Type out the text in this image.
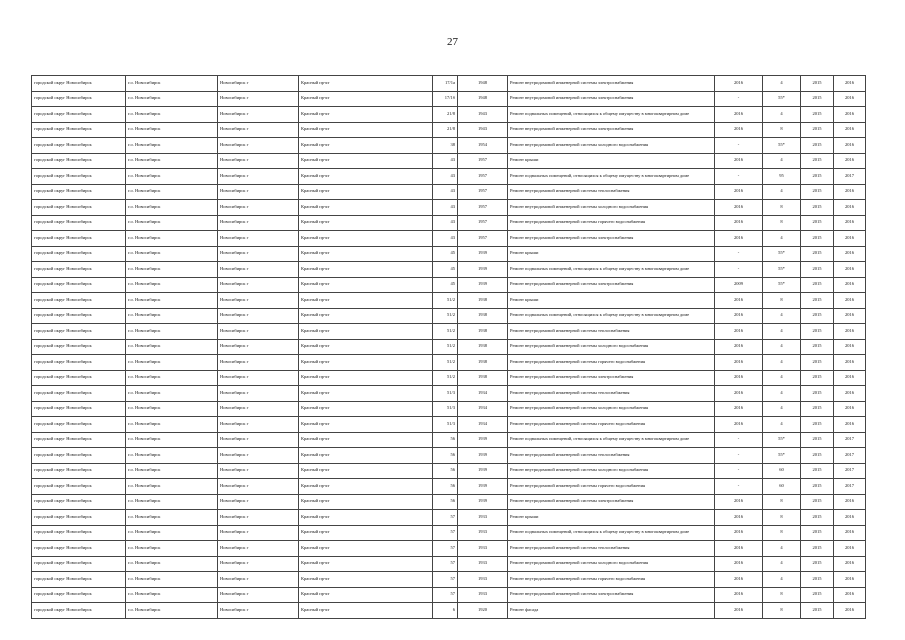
27
городской округ Новосибирск	г.о. Новосибирск	Новосибирск г	Красный пр-кт	17/1а	1948	Ремонт внутридомовой инженерной системы электроснабжения	2016	4	2015	2016
городской округ Новосибирск	г.о. Новосибирск	Новосибирск г	Красный пр-кт	17/1б	1948	Ремонт внутридомовой инженерной системы электроснабжения	-	55*	2015	2016
городской округ Новосибирск	г.о. Новосибирск	Новосибирск г	Красный пр-кт	21/8	1943	Ремонт подвальных помещений, относящихся к общему имуществу в многоквартирном доме	2016	4	2015	2016
городской округ Новосибирск	г.о. Новосибирск	Новосибирск г	Красный пр-кт	21/8	1943	Ремонт внутридомовой инженерной системы электроснабжения	2016	8	2015	2016
городской округ Новосибирск	г.о. Новосибирск	Новосибирск г	Красный пр-кт	38	1954	Ремонт внутридомовой инженерной системы холодного водоснабжения	-	55*	2015	2016
городской округ Новосибирск	г.о. Новосибирск	Новосибирск г	Красный пр-кт	43	1957	Ремонт крыши	2016	4	2015	2016
городской округ Новосибирск	г.о. Новосибирск	Новосибирск г	Красный пр-кт	43	1957	Ремонт подвальных помещений, относящихся к общему имуществу в многоквартирном доме	-	95	2015	2017
городской округ Новосибирск	г.о. Новосибирск	Новосибирск г	Красный пр-кт	43	1957	Ремонт внутридомовой инженерной системы теплоснабжения	2016	4	2015	2016
городской округ Новосибирск	г.о. Новосибирск	Новосибирск г	Красный пр-кт	43	1957	Ремонт внутридомовой инженерной системы холодного водоснабжения	2016	8	2015	2016
городской округ Новосибирск	г.о. Новосибирск	Новосибирск г	Красный пр-кт	43	1957	Ремонт внутридомовой инженерной системы горячего водоснабжения	2016	8	2015	2016
городской округ Новосибирск	г.о. Новосибирск	Новосибирск г	Красный пр-кт	43	1957	Ремонт внутридомовой инженерной системы электроснабжения	2016	4	2015	2016
городской округ Новосибирск	г.о. Новосибирск	Новосибирск г	Красный пр-кт	45	1939	Ремонт крыши	-	55*	2015	2016
городской округ Новосибирск	г.о. Новосибирск	Новосибирск г	Красный пр-кт	45	1939	Ремонт подвальных помещений, относящихся к общему имуществу в многоквартирном доме	-	55*	2015	2016
городской округ Новосибирск	г.о. Новосибирск	Новосибирск г	Красный пр-кт	45	1939	Ремонт внутридомовой инженерной системы электроснабжения	2009	55*	2015	2016
городской округ Новосибирск	г.о. Новосибирск	Новосибирск г	Красный пр-кт	51/2	1938	Ремонт крыши	2016	8	2015	2016
городской округ Новосибирск	г.о. Новосибирск	Новосибирск г	Красный пр-кт	51/2	1938	Ремонт подвальных помещений, относящихся к общему имуществу в многоквартирном доме	2016	4	2015	2016
городской округ Новосибирск	г.о. Новосибирск	Новосибирск г	Красный пр-кт	51/2	1938	Ремонт внутридомовой инженерной системы теплоснабжения	2016	4	2015	2016
городской округ Новосибирск	г.о. Новосибирск	Новосибирск г	Красный пр-кт	51/2	1938	Ремонт внутридомовой инженерной системы холодного водоснабжения	2016	4	2015	2016
городской округ Новосибирск	г.о. Новосибирск	Новосибирск г	Красный пр-кт	51/2	1938	Ремонт внутридомовой инженерной системы горячего водоснабжения	2016	4	2015	2016
городской округ Новосибирск	г.о. Новосибирск	Новосибирск г	Красный пр-кт	51/2	1938	Ремонт внутридомовой инженерной системы электроснабжения	2016	4	2015	2016
городской округ Новосибирск	г.о. Новосибирск	Новосибирск г	Красный пр-кт	51/3	1934	Ремонт внутридомовой инженерной системы теплоснабжения	2016	4	2015	2016
городской округ Новосибирск	г.о. Новосибирск	Новосибирск г	Красный пр-кт	51/3	1934	Ремонт внутридомовой инженерной системы холодного водоснабжения	2016	4	2015	2016
городской округ Новосибирск	г.о. Новосибирск	Новосибирск г	Красный пр-кт	51/3	1934	Ремонт внутридомовой инженерной системы горячего водоснабжения	2016	4	2015	2016
городской округ Новосибирск	г.о. Новосибирск	Новосибирск г	Красный пр-кт	56	1939	Ремонт подвальных помещений, относящихся к общему имуществу в многоквартирном доме	-	55*	2015	2017
городской округ Новосибирск	г.о. Новосибирск	Новосибирск г	Красный пр-кт	56	1939	Ремонт внутридомовой инженерной системы теплоснабжения	-	55*	2015	2017
городской округ Новосибирск	г.о. Новосибирск	Новосибирск г	Красный пр-кт	56	1939	Ремонт внутридомовой инженерной системы холодного водоснабжения	-	60	2015	2017
городской округ Новосибирск	г.о. Новосибирск	Новосибирск г	Красный пр-кт	56	1939	Ремонт внутридомовой инженерной системы горячего водоснабжения	-	60	2015	2017
городской округ Новосибирск	г.о. Новосибирск	Новосибирск г	Красный пр-кт	56	1939	Ремонт внутридомовой инженерной системы электроснабжения	2016	8	2015	2016
городской округ Новосибирск	г.о. Новосибирск	Новосибирск г	Красный пр-кт	57	1933	Ремонт крыши	2016	8	2015	2016
городской округ Новосибирск	г.о. Новосибирск	Новосибирск г	Красный пр-кт	57	1933	Ремонт подвальных помещений, относящихся к общему имуществу в многоквартирном доме	2016	8	2015	2016
городской округ Новосибирск	г.о. Новосибирск	Новосибирск г	Красный пр-кт	57	1933	Ремонт внутридомовой инженерной системы теплоснабжения	2016	4	2015	2016
городской округ Новосибирск	г.о. Новосибирск	Новосибирск г	Красный пр-кт	57	1933	Ремонт внутридомовой инженерной системы холодного водоснабжения	2016	4	2015	2016
городской округ Новосибирск	г.о. Новосибирск	Новосибирск г	Красный пр-кт	57	1933	Ремонт внутридомовой инженерной системы горячего водоснабжения	2016	4	2015	2016
городской округ Новосибирск	г.о. Новосибирск	Новосибирск г	Красный пр-кт	57	1933	Ремонт внутридомовой инженерной системы электроснабжения	2016	8	2015	2016
городской округ Новосибирск	г.о. Новосибирск	Новосибирск г	Красный пр-кт	6	1920	Ремонт фасада	2016	8	2015	2016
